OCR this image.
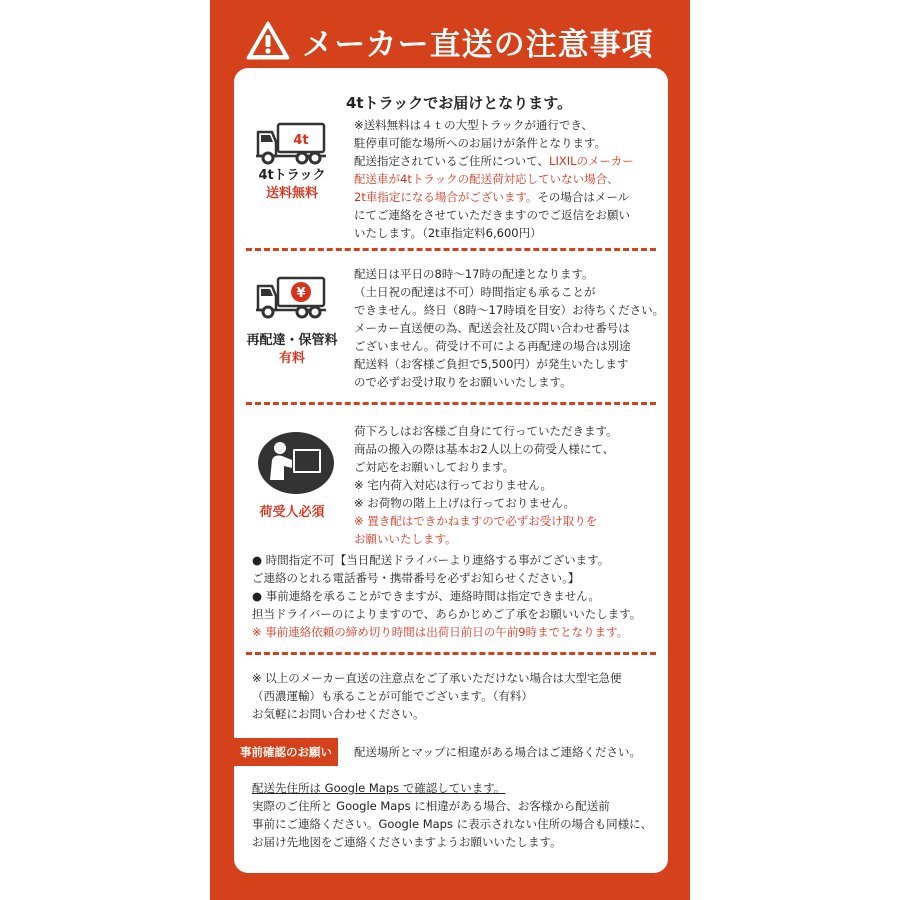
メーカー直送の注意事項
4tトラックでお届けとなります。
4t
4tトラック
送料無料
※送料無料は４ｔの大型トラックが通行でき、
駐停車可能な場所へのお届けが条件となります。
配送指定されているご住所について、LIXILのメーカー
配送車が4tトラックの配送荷対応していない場合、
2t車指定になる場合がございます。その場合はメール
にてご連絡をさせていただきますのでご返信をお願い
いたします。（2t車指定料6,600円）
¥
再配達・保管料
有料
配送日は平日の8時〜17時の配達となります。
（土日祝の配達は不可）時間指定も承ることが
できません。終日（8時〜17時頃を目安）お待ちください。
メーカー直送便の為、配送会社及び問い合わせ番号は
ございません。荷受け不可による再配達の場合は別途
配送料（お客様ご負担で5,500円）が発生いたします
ので必ずお受け取りをお願いいたします。
荷受人必須
荷下ろしはお客様ご自身にて行っていただきます。
商品の搬入の際は基本お2人以上の荷受人様にて、
ご対応をお願いしております。
※ 宅内荷入対応は行っておりません。
※ お荷物の階上上げは行っておりません。
※ 置き配はできかねますので必ずお受け取りを
お願いいたします。
● 時間指定不可【当日配送ドライバーより連絡する事がございます。
ご連絡のとれる電話番号・携帯番号を必ずお知らせください。】
● 事前連絡を承ることができますが、連絡時間は指定できません。
担当ドライバーのによりますので、あらかじめご了承をお願いいたします。
※ 事前連絡依頼の締め切り時間は出荷日前日の午前9時までとなります。
※ 以上のメーカー直送の注意点をご了承いただけない場合は大型宅急便
（西濃運輸）も承ることが可能でございます。（有料）
お気軽にお問い合わせください。
事前確認のお願い	配送場所とマップに相違がある場合はご連絡ください。
配送先住所は Google Maps で確認しています。
実際のご住所と Google Maps に相違がある場合、お客様から配送前
事前にご連絡ください。Google Maps に表示されない住所の場合も同様に、
お届け先地図をご連絡くださいますようお願いいたします。
